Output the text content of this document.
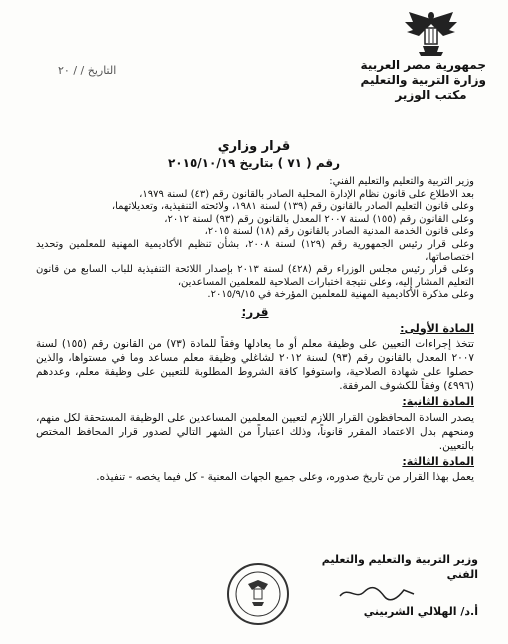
جمهورية مصر العربية
وزارة التربية والتعليم
مكتب الوزير
التاريخ / / ٢٠
قرار وزاري
رقم ( ٧١ ) بتاريخ ٢٠١٥/١٠/١٩

وزير التربية والتعليم والتعليم الفني:

بعد الاطلاع على قانون نظام الإدارة المحلية الصادر بالقانون رقم (٤٣) لسنة ١٩٧٩،

وعلى قانون التعليم الصادر بالقانون رقم (١٣٩) لسنة ١٩٨١، ولائحته التنفيذية، وتعديلاتهما،

وعلى القانون رقم (١٥٥) لسنة ٢٠٠٧ المعدل بالقانون رقم (٩٣) لسنة ٢٠١٢،

وعلى قانون الخدمة المدنية الصادر بالقانون رقم (١٨) لسنة ٢٠١٥،

وعلى قرار رئيس الجمهورية رقم (١٢٩) لسنة ٢٠٠٨، بشأن تنظيم الأكاديمية المهنية للمعلمين وتحديد اختصاصاتها،

وعلى قرار رئيس مجلس الوزراء رقم (٤٢٨) لسنة ٢٠١٣ بإصدار اللائحة التنفيذية للباب السابع من قانون التعليم المشار إليه، وعلى نتيجة اختبارات الصلاحية للمعلمين المساعدين،

وعلى مذكرة الأكاديمية المهنية للمعلمين المؤرخة في ٢٠١٥/٩/١٥.

قرر:
المادة الأولى:

تتخذ إجراءات التعيين على وظيفة معلم أو ما يعادلها وفقاً للمادة (٧٣) من القانون رقم (١٥٥) لسنة ٢٠٠٧ المعدل بالقانون رقم (٩٣) لسنة ٢٠١٢ لشاغلي وظيفة معلم مساعد وما في مستواها، والذين حصلوا على شهادة الصلاحية، واستوفوا كافة الشروط المطلوبة للتعيين على وظيفة معلم، وعددهم (٤٩٩٦) وفقاً للكشوف المرفقة.

المادة الثانية:

يصدر السادة المحافظون القرار اللازم لتعيين المعلمين المساعدين على الوظيفة المستحقة لكل منهم، ومنحهم بدل الاعتماد المقرر قانوناً، وذلك اعتباراً من الشهر التالي لصدور قرار المحافظ المختص بالتعيين.

المادة الثالثة:

يعمل بهذا القرار من تاريخ صدوره، وعلى جميع الجهات المعنية - كل فيما يخصه - تنفيذه.

وزير التربية والتعليم والتعليم الفني
أ.د/ الهلالي الشربيني
